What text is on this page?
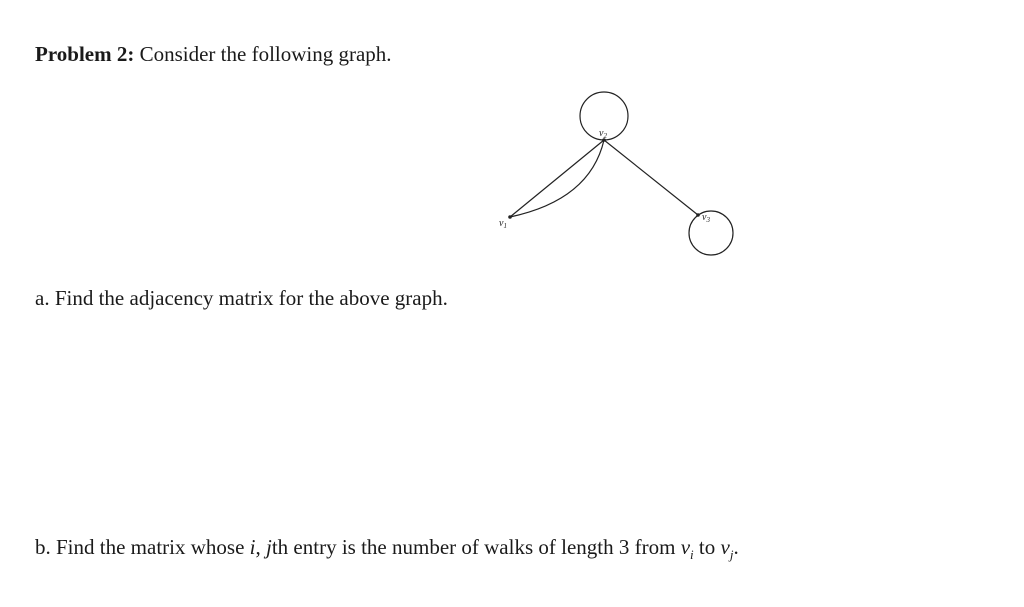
Problem 2: Consider the following graph.
$v_1$
$v_2$
$v_3$
a. Find the adjacency matrix for the above graph.
b. Find the matrix whose i, jth entry is the number of walks of length 3 from $v_i$ to $v_j$.
